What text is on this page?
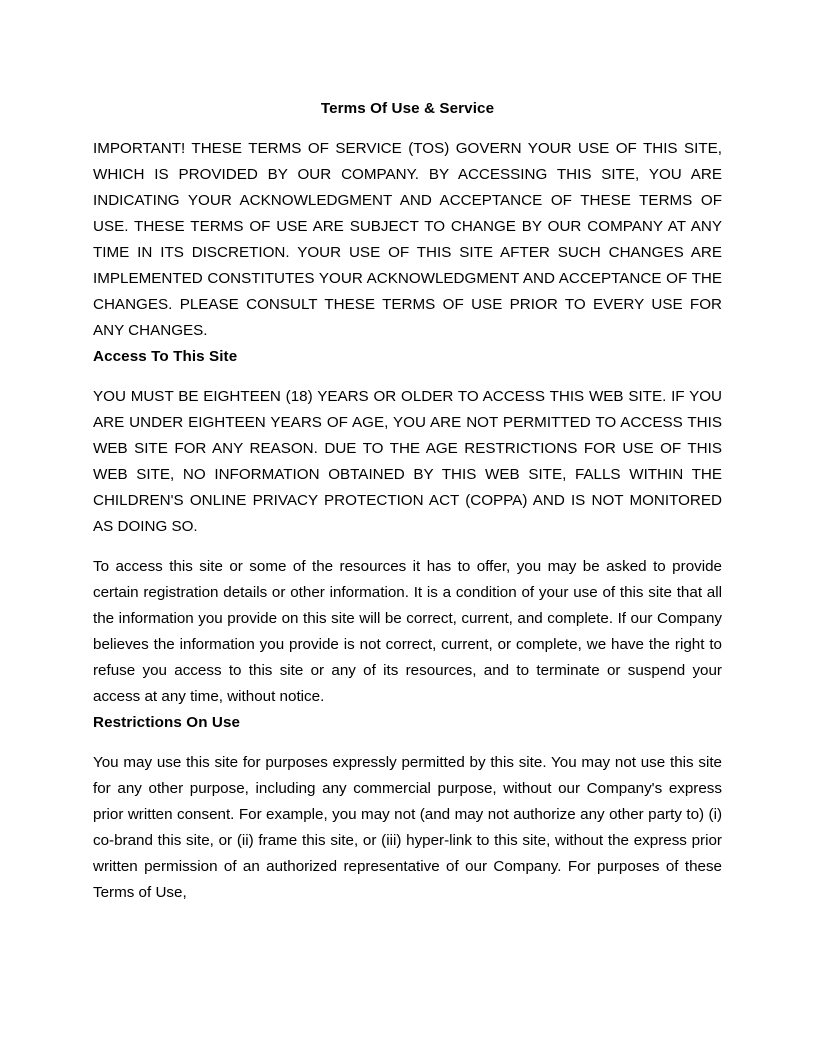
Terms Of Use & Service

IMPORTANT! THESE TERMS OF SERVICE (TOS) GOVERN YOUR USE OF THIS SITE, WHICH IS PROVIDED BY OUR COMPANY. BY ACCESSING THIS SITE, YOU ARE INDICATING YOUR ACKNOWLEDGMENT AND ACCEPTANCE OF THESE TERMS OF USE. THESE TERMS OF USE ARE SUBJECT TO CHANGE BY OUR COMPANY AT ANY TIME IN ITS DISCRETION. YOUR USE OF THIS SITE AFTER SUCH CHANGES ARE IMPLEMENTED CONSTITUTES YOUR ACKNOWLEDGMENT AND ACCEPTANCE OF THE CHANGES. PLEASE CONSULT THESE TERMS OF USE PRIOR TO EVERY USE FOR ANY CHANGES.

Access To This Site

YOU MUST BE EIGHTEEN (18) YEARS OR OLDER TO ACCESS THIS WEB SITE. IF YOU ARE UNDER EIGHTEEN YEARS OF AGE, YOU ARE NOT PERMITTED TO ACCESS THIS WEB SITE FOR ANY REASON. DUE TO THE AGE RESTRICTIONS FOR USE OF THIS WEB SITE, NO INFORMATION OBTAINED BY THIS WEB SITE, FALLS WITHIN THE CHILDREN'S ONLINE PRIVACY PROTECTION ACT (COPPA) AND IS NOT MONITORED AS DOING SO.

To access this site or some of the resources it has to offer, you may be asked to provide certain registration details or other information. It is a condition of your use of this site that all the information you provide on this site will be correct, current, and complete. If our Company believes the information you provide is not correct, current, or complete, we have the right to refuse you access to this site or any of its resources, and to terminate or suspend your access at any time, without notice.

Restrictions On Use

You may use this site for purposes expressly permitted by this site. You may not use this site for any other purpose, including any commercial purpose, without our Company's express prior written consent. For example, you may not (and may not authorize any other party to) (i) co-brand this site, or (ii) frame this site, or (iii) hyper-link to this site, without the express prior written permission of an authorized representative of our Company. For purposes of these Terms of Use,
